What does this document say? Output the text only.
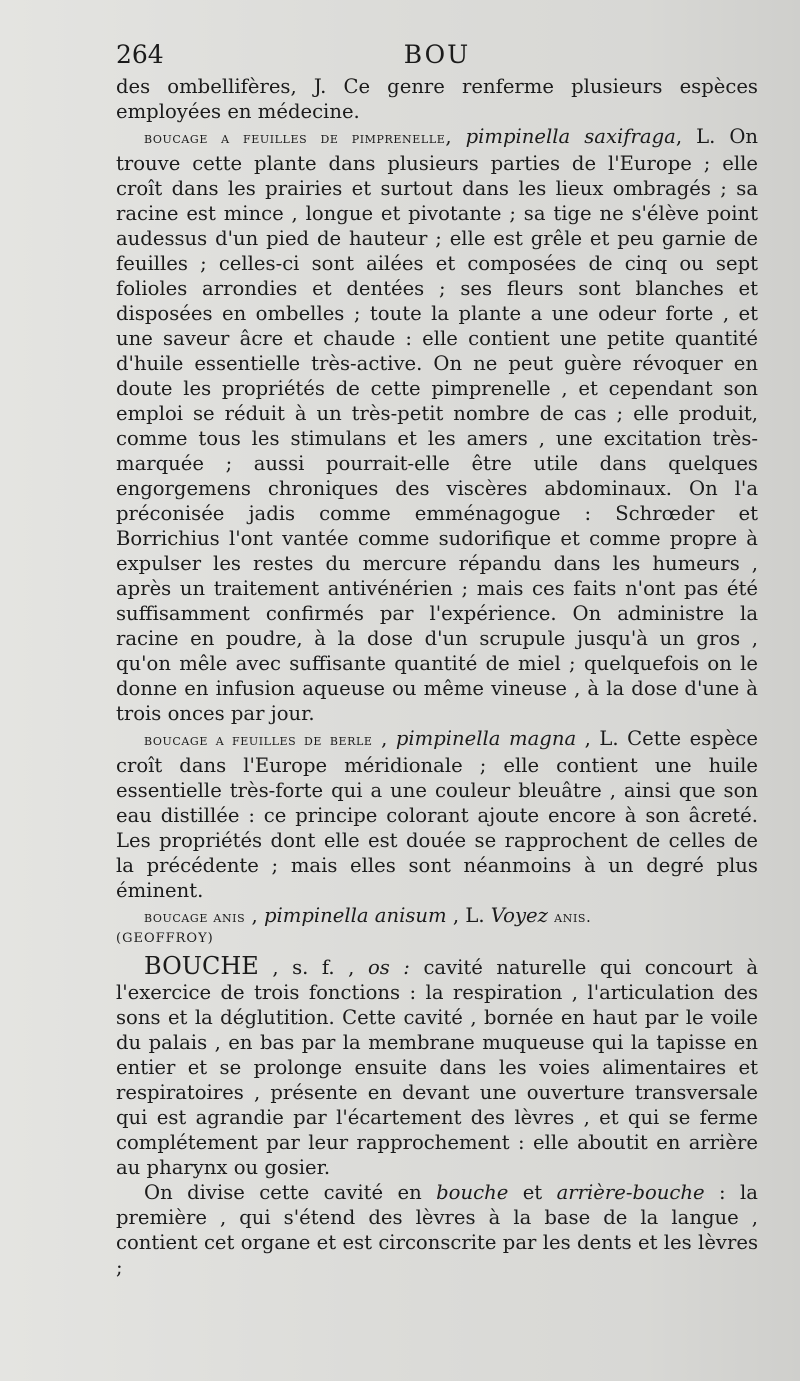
264	BOU

des ombellifères, J. Ce genre renferme plusieurs espèces employées en médecine.

boucage a feuilles de pimprenelle, pimpinella saxifraga, L. On trouve cette plante dans plusieurs parties de l'Europe ; elle croît dans les prairies et surtout dans les lieux ombragés ; sa racine est mince , longue et pivotante ; sa tige ne s'élève point audessus d'un pied de hauteur ; elle est grêle et peu garnie de feuilles ; celles-ci sont ailées et composées de cinq ou sept folioles arrondies et dentées ; ses fleurs sont blanches et disposées en ombelles ; toute la plante a une odeur forte , et une saveur âcre et chaude : elle contient une petite quantité d'huile essentielle très-active. On ne peut guère révoquer en doute les propriétés de cette pimprenelle , et cependant son emploi se réduit à un très-petit nombre de cas ; elle produit, comme tous les stimulans et les amers , une excitation très-marquée ; aussi pourrait-elle être utile dans quelques engorgemens chroniques des viscères abdominaux. On l'a préconisée jadis comme emménagogue : Schrœder et Borrichius l'ont vantée comme sudorifique et comme propre à expulser les restes du mercure répandu dans les humeurs , après un traitement antivénérien ; mais ces faits n'ont pas été suffisamment confirmés par l'expérience. On administre la racine en poudre, à la dose d'un scrupule jusqu'à un gros , qu'on mêle avec suffisante quantité de miel ; quelquefois on le donne en infusion aqueuse ou même vineuse , à la dose d'une à trois onces par jour.

boucage a feuilles de berle , pimpinella magna , L. Cette espèce croît dans l'Europe méridionale ; elle contient une huile essentielle très-forte qui a une couleur bleuâtre , ainsi que son eau distillée : ce principe colorant ajoute encore à son âcreté. Les propriétés dont elle est douée se rapprochent de celles de la précédente ; mais elles sont néanmoins à un degré plus éminent.

boucage anis , pimpinella anisum , L. Voyez anis.

(GEOFFROY)

BOUCHE , s. f. , os : cavité naturelle qui concourt à l'exercice de trois fonctions : la respiration , l'articulation des sons et la déglutition. Cette cavité , bornée en haut par le voile du palais , en bas par la membrane muqueuse qui la tapisse en entier et se prolonge ensuite dans les voies alimentaires et respiratoires , présente en devant une ouverture transversale qui est agrandie par l'écartement des lèvres , et qui se ferme complétement par leur rapprochement : elle aboutit en arrière au pharynx ou gosier.

On divise cette cavité en bouche et arrière-bouche : la première , qui s'étend des lèvres à la base de la langue , contient cet organe et est circonscrite par les dents et les lèvres ;
